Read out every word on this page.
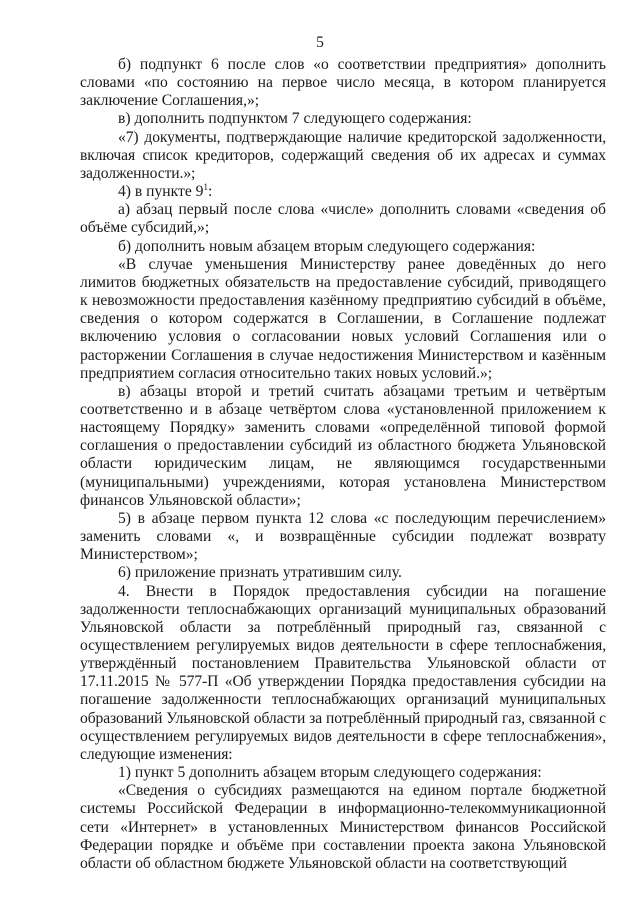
5

б) подпункт 6 после слов «о соответствии предприятия» дополнить словами «по состоянию на первое число месяца, в котором планируется заключение Соглашения,»;

в) дополнить подпунктом 7 следующего содержания:

«7) документы, подтверждающие наличие кредиторской задолженности, включая список кредиторов, содержащий сведения об их адресах и суммах задолженности.»;

4) в пункте $9^1$:

а) абзац первый после слова «числе» дополнить словами «сведения об объёме субсидий,»;

б) дополнить новым абзацем вторым следующего содержания:

«В случае уменьшения Министерству ранее доведённых до него лимитов бюджетных обязательств на предоставление субсидий, приводящего к невозможности предоставления казённому предприятию субсидий в объёме, сведения о котором содержатся в Соглашении, в Соглашение подлежат включению условия о согласовании новых условий Соглашения или о расторжении Соглашения в случае недостижения Министерством и казённым предприятием согласия относительно таких новых условий.»;

в) абзацы второй и третий считать абзацами третьим и четвёртым соответственно и в абзаце четвёртом слова «установленной приложением к настоящему Порядку» заменить словами «определённой типовой формой соглашения о предоставлении субсидий из областного бюджета Ульяновской области юридическим лицам, не являющимся государственными (муниципальными) учреждениями, которая установлена Министерством финансов Ульяновской области»;

5) в абзаце первом пункта 12 слова «с последующим перечислением» заменить словами «, и возвращённые субсидии подлежат возврату Министерством»;

6) приложение признать утратившим силу.

4. Внести в Порядок предоставления субсидии на погашение задолженности теплоснабжающих организаций муниципальных образований Ульяновской области за потреблённый природный газ, связанной с осуществлением регулируемых видов деятельности в сфере теплоснабжения, утверждённый постановлением Правительства Ульяновской области от 17.11.2015 № 577-П «Об утверждении Порядка предоставления субсидии на погашение задолженности теплоснабжающих организаций муниципальных образований Ульяновской области за потреблённый природный газ, связанной с осуществлением регулируемых видов деятельности в сфере теплоснабжения», следующие изменения:

1) пункт 5 дополнить абзацем вторым следующего содержания:

«Сведения о субсидиях размещаются на едином портале бюджетной системы Российской Федерации в информационно-телекоммуникационной сети «Интернет» в установленных Министерством финансов Российской Федерации порядке и объёме при составлении проекта закона Ульяновской области об областном бюджете Ульяновской области на соответствующий
